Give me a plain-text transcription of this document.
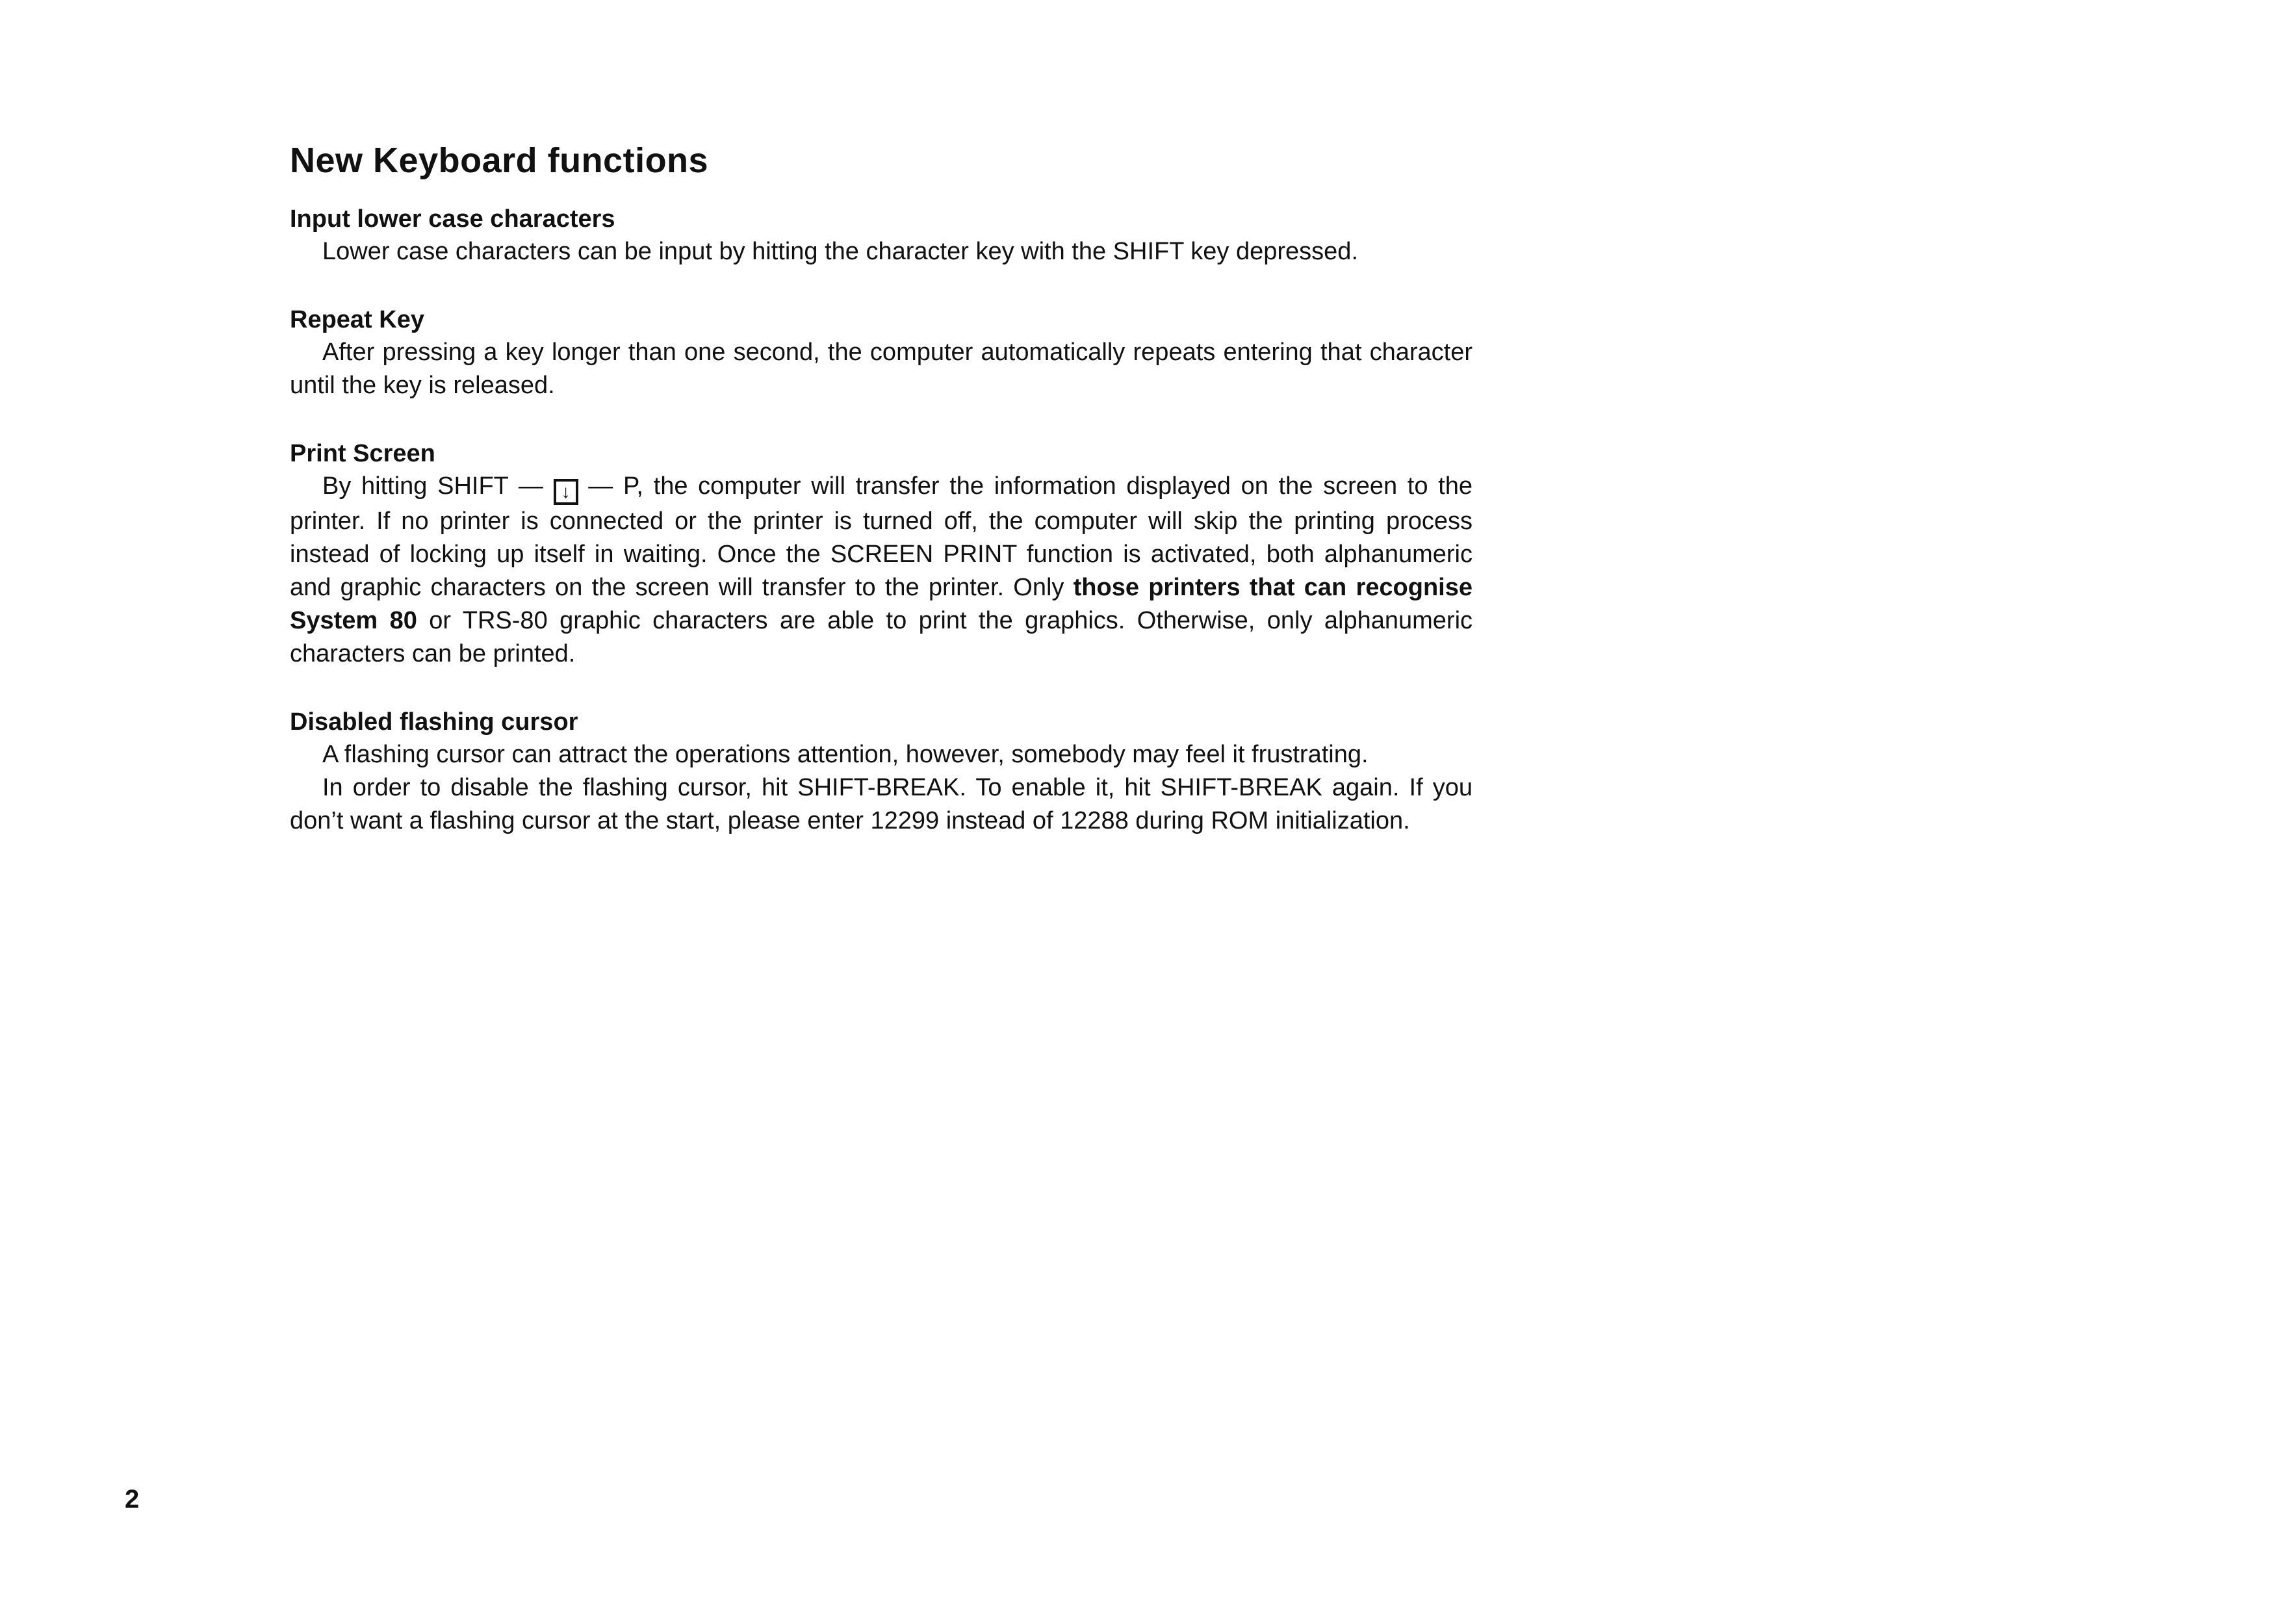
New Keyboard functions
Input lower case characters

Lower case characters can be input by hitting the character key with the SHIFT key depressed.

Repeat Key

After pressing a key longer than one second, the computer automatically repeats entering that character until the key is released.

Print Screen

By hitting SHIFT — ↓ — P, the computer will transfer the information displayed on the screen to the printer. If no printer is connected or the printer is turned off, the computer will skip the printing process instead of locking up itself in waiting. Once the SCREEN PRINT function is activated, both alphanumeric and graphic characters on the screen will transfer to the printer. Only those printers that can recognise System 80 or TRS-80 graphic characters are able to print the graphics. Otherwise, only alphanumeric characters can be printed.

Disabled flashing cursor

A flashing cursor can attract the operations attention, however, somebody may feel it frustrating.

In order to disable the flashing cursor, hit SHIFT-BREAK. To enable it, hit SHIFT-BREAK again. If you don’t want a flashing cursor at the start, please enter 12299 instead of 12288 during ROM initialization.

2
